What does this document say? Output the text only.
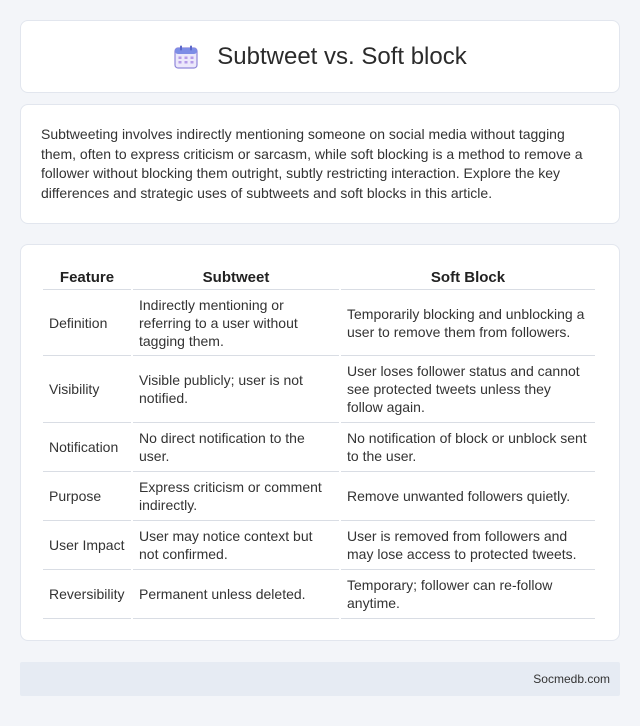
Subtweet vs. Soft block

Subtweeting involves indirectly mentioning someone on social media without tagging them, often to express criticism or sarcasm, while soft blocking is a method to remove a follower without blocking them outright, subtly restricting interaction. Explore the key differences and strategic uses of subtweets and soft blocks in this article.

Feature	Subtweet	Soft Block
Definition	Indirectly mentioning or referring to a user without tagging them.	Temporarily blocking and unblocking a user to remove them from followers.
Visibility	Visible publicly; user is not notified.	User loses follower status and cannot see protected tweets unless they follow again.
Notification	No direct notification to the user.	No notification of block or unblock sent to the user.
Purpose	Express criticism or comment indirectly.	Remove unwanted followers quietly.
User Impact	User may notice context but not confirmed.	User is removed from followers and may lose access to protected tweets.
Reversibility	Permanent unless deleted.	Temporary; follower can re-follow anytime.
Socmedb.com
